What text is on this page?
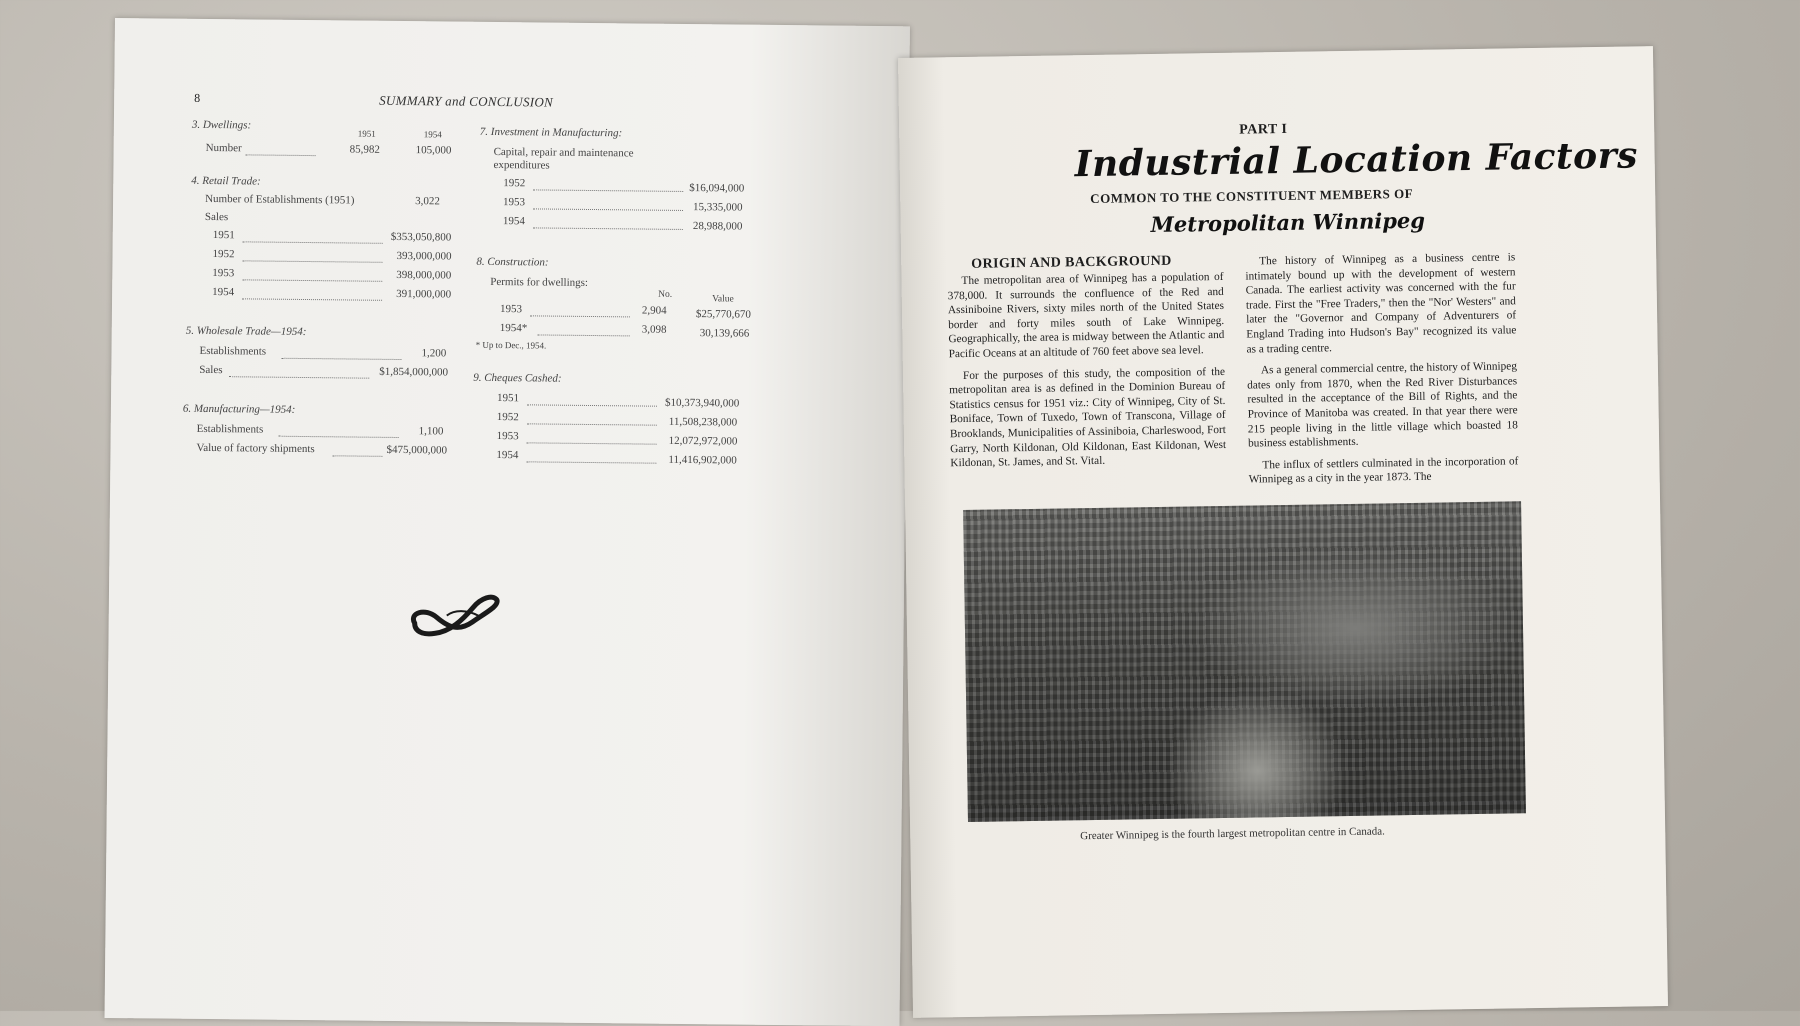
8	SUMMARY and CONCLUSION
3. Dwellings:
1951	1954
Number	85,982	105,000
4. Retail Trade:
Number of Establishments (1951)	3,022
Sales
1951	$353,050,800
1952	393,000,000
1953	398,000,000
1954	391,000,000
5. Wholesale Trade—1954:
Establishments	1,200
Sales	$1,854,000,000
6. Manufacturing—1954:
Establishments	1,100
Value of factory shipments	$475,000,000
7. Investment in Manufacturing:
Capital, repair and maintenance
expenditures
1952	$16,094,000
1953	15,335,000
1954	28,988,000
8. Construction:
Permits for dwellings:
No.	Value
1953	2,904	$25,770,670
1954*	3,098	30,139,666
* Up to Dec., 1954.
9. Cheques Cashed:
1951	$10,373,940,000
1952	11,508,238,000
1953	12,072,972,000
1954	11,416,902,000
PART I
Industrial Location Factors
COMMON TO THE CONSTITUENT MEMBERS OF
Metropolitan Winnipeg
ORIGIN AND BACKGROUND

The metropolitan area of Winnipeg has a population of 378,000. It surrounds the confluence of the Red and Assiniboine Rivers, sixty miles north of the United States border and forty miles south of Lake Winnipeg. Geographically, the area is midway between the Atlantic and Pacific Oceans at an altitude of 760 feet above sea level.

For the purposes of this study, the composition of the metropolitan area is as defined in the Dominion Bureau of Statistics census for 1951 viz.: City of Winnipeg, City of St. Boniface, Town of Tuxedo, Town of Transcona, Village of Brooklands, Municipalities of Assiniboia, Charleswood, Fort Garry, North Kildonan, Old Kildonan, East Kildonan, West Kildonan, St. James, and St. Vital.

The history of Winnipeg as a business centre is intimately bound up with the development of western Canada. The earliest activity was concerned with the fur trade. First the "Free Traders," then the "Nor' Westers" and later the "Governor and Company of Adventurers of England Trading into Hudson's Bay" recognized its value as a trading centre.

As a general commercial centre, the history of Winnipeg dates only from 1870, when the Red River Disturbances resulted in the acceptance of the Bill of Rights, and the Province of Manitoba was created. In that year there were 215 people living in the little village which boasted 18 business establishments.

The influx of settlers culminated in the incorporation of Winnipeg as a city in the year 1873. The

Greater Winnipeg is the fourth largest metropolitan centre in Canada.
